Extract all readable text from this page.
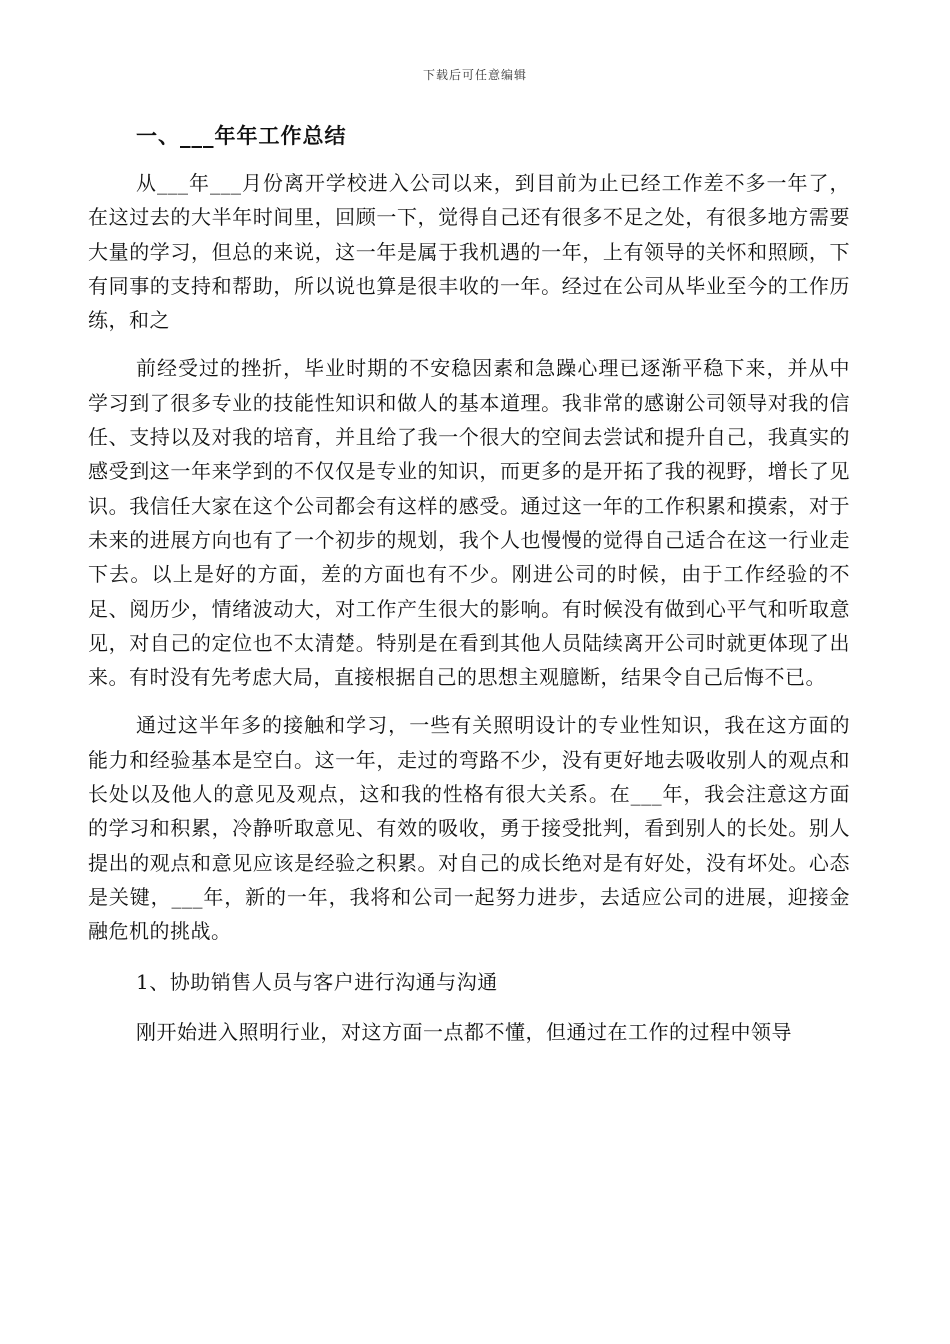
下载后可任意编辑
一、___年年工作总结

从___年___月份离开学校进入公司以来，到目前为止已经工作差不多一年了，在这过去的大半年时间里，回顾一下，觉得自己还有很多不足之处，有很多地方需要大量的学习，但总的来说，这一年是属于我机遇的一年，上有领导的关怀和照顾，下有同事的支持和帮助，所以说也算是很丰收的一年。经过在公司从毕业至今的工作历练，和之

前经受过的挫折，毕业时期的不安稳因素和急躁心理已逐渐平稳下来，并从中学习到了很多专业的技能性知识和做人的基本道理。我非常的感谢公司领导对我的信任、支持以及对我的培育，并且给了我一个很大的空间去尝试和提升自己，我真实的感受到这一年来学到的不仅仅是专业的知识，而更多的是开拓了我的视野，增长了见识。我信任大家在这个公司都会有这样的感受。通过这一年的工作积累和摸索，对于未来的进展方向也有了一个初步的规划，我个人也慢慢的觉得自己适合在这一行业走下去。以上是好的方面，差的方面也有不少。刚进公司的时候，由于工作经验的不足、阅历少，情绪波动大，对工作产生很大的影响。有时候没有做到心平气和听取意见，对自己的定位也不太清楚。特别是在看到其他人员陆续离开公司时就更体现了出来。有时没有先考虑大局，直接根据自己的思想主观臆断，结果令自己后悔不已。

通过这半年多的接触和学习，一些有关照明设计的专业性知识，我在这方面的能力和经验基本是空白。这一年，走过的弯路不少，没有更好地去吸收别人的观点和长处以及他人的意见及观点，这和我的性格有很大关系。在___年，我会注意这方面的学习和积累，冷静听取意见、有效的吸收，勇于接受批判，看到别人的长处。别人提出的观点和意见应该是经验之积累。对自己的成长绝对是有好处，没有坏处。心态是关键，___年，新的一年，我将和公司一起努力进步，去适应公司的进展，迎接金融危机的挑战。

1、协助销售人员与客户进行沟通与沟通

刚开始进入照明行业，对这方面一点都不懂，但通过在工作的过程中领导
